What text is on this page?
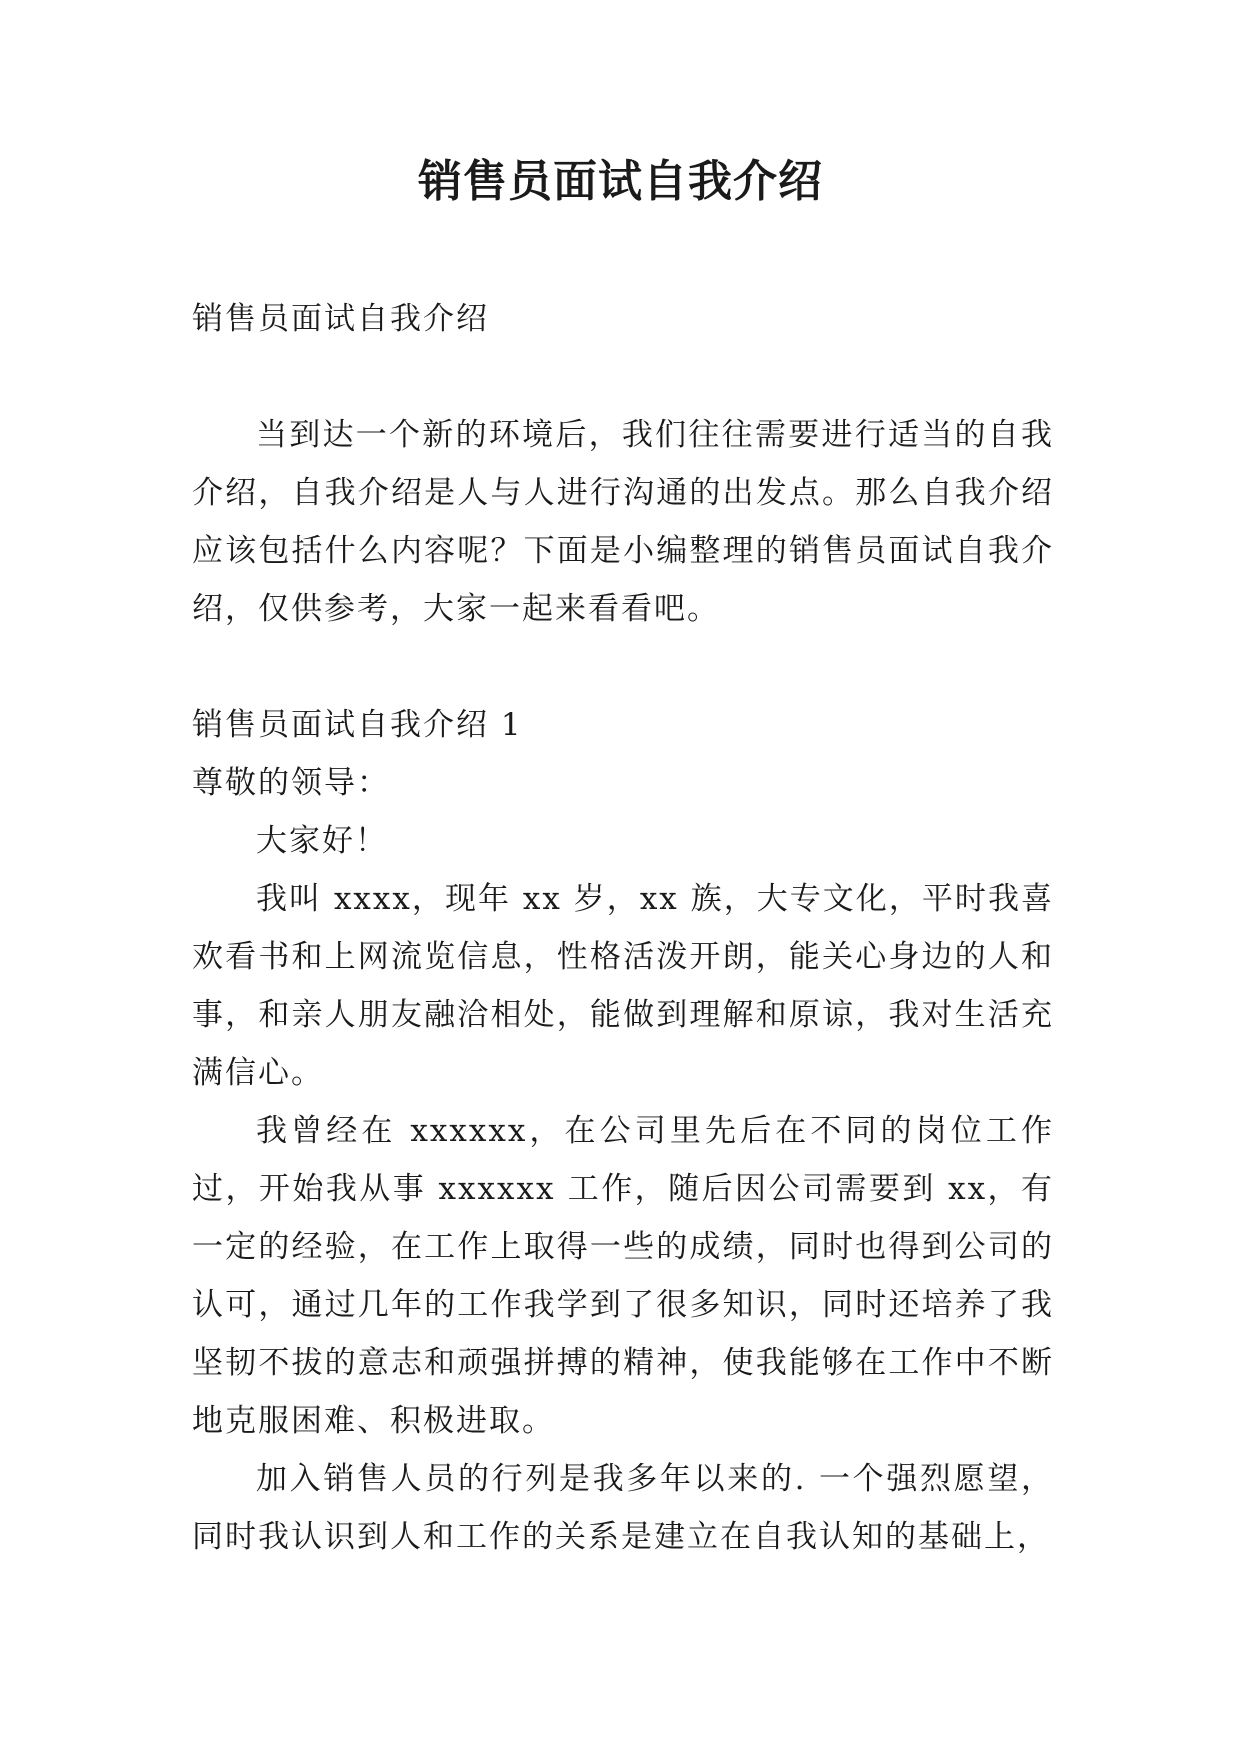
销售员面试自我介绍

销售员面试自我介绍

当到达一个新的环境后，我们往往需要进行适当的自我介绍，自我介绍是人与人进行沟通的出发点。那么自我介绍应该包括什么内容呢？下面是小编整理的销售员面试自我介绍，仅供参考，大家一起来看看吧。

销售员面试自我介绍 1

尊敬的领导：

大家好！

我叫 xxxx，现年 xx 岁，xx 族，大专文化，平时我喜欢看书和上网流览信息，性格活泼开朗，能关心身边的人和事，和亲人朋友融洽相处，能做到理解和原谅，我对生活充满信心。

我曾经在 xxxxxx，在公司里先后在不同的岗位工作过，开始我从事 xxxxxx 工作，随后因公司需要到 xx，有一定的经验，在工作上取得一些的成绩，同时也得到公司的认可，通过几年的工作我学到了很多知识，同时还培养了我坚韧不拔的意志和顽强拼搏的精神，使我能够在工作中不断地克服困难、积极进取。

加入销售人员的行列是我多年以来的. 一个强烈愿望，同时我认识到人和工作的关系是建立在自我认知的基础上，
